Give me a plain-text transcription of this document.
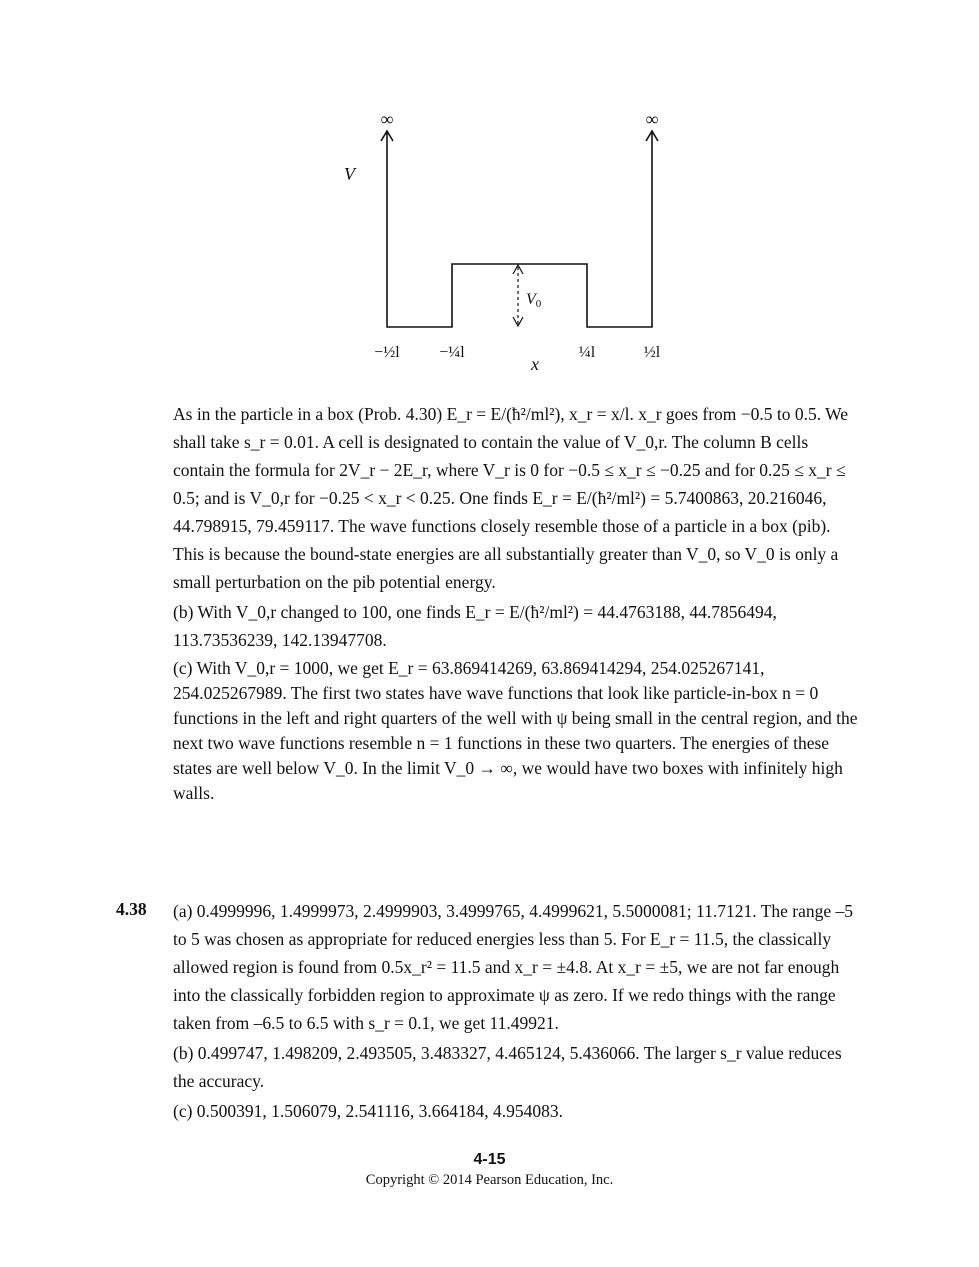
∞	∞
V
V0
−½l −¼l	¼l	½l
x

As in the particle in a box (Prob. 4.30) E_r = E/(ħ²/ml²), x_r = x/l. x_r goes from −0.5 to 0.5. We shall take s_r = 0.01. A cell is designated to contain the value of V_0,r. The column B cells contain the formula for 2V_r − 2E_r, where V_r is 0 for −0.5 ≤ x_r ≤ −0.25 and for 0.25 ≤ x_r ≤ 0.5; and is V_0,r for −0.25 < x_r < 0.25. One finds E_r = E/(ħ²/ml²) = 5.7400863, 20.216046, 44.798915, 79.459117. The wave functions closely resemble those of a particle in a box (pib). This is because the bound-state energies are all substantially greater than V_0, so V_0 is only a small perturbation on the pib potential energy.

(b) With V_0,r changed to 100, one finds E_r = E/(ħ²/ml²) = 44.4763188, 44.7856494, 113.73536239, 142.13947708.

(c) With V_0,r = 1000, we get E_r = 63.869414269, 63.869414294, 254.025267141, 254.025267989. The first two states have wave functions that look like particle-in-box n = 0 functions in the left and right quarters of the well with ψ being small in the central region, and the next two wave functions resemble n = 1 functions in these two quarters. The energies of these states are well below V_0. In the limit V_0 → ∞, we would have two boxes with infinitely high walls.

4.38 (a) 0.4999996, 1.4999973, 2.4999903, 3.4999765, 4.4999621, 5.5000081; 11.7121. The range –5 to 5 was chosen as appropriate for reduced energies less than 5. For E_r = 11.5, the classically allowed region is found from 0.5x_r² = 11.5 and x_r = ±4.8. At x_r = ±5, we are not far enough into the classically forbidden region to approximate ψ as zero. If we redo things with the range taken from –6.5 to 6.5 with s_r = 0.1, we get 11.49921.

(b) 0.499747, 1.498209, 2.493505, 3.483327, 4.465124, 5.436066. The larger s_r value reduces the accuracy.

(c) 0.500391, 1.506079, 2.541116, 3.664184, 4.954083.

4-15
Copyright © 2014 Pearson Education, Inc.
